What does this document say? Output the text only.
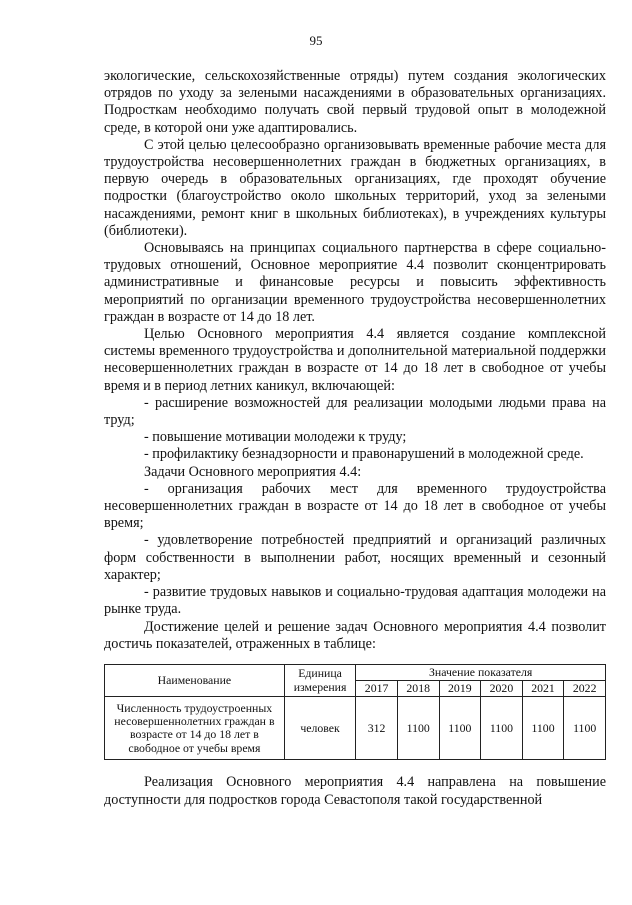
95

экологические, сельскохозяйственные отряды) путем создания экологических отрядов по уходу за зелеными насаждениями в образовательных организациях. Подросткам необходимо получать свой первый трудовой опыт в молодежной среде, в которой они уже адаптировались.

С этой целью целесообразно организовывать временные рабочие места для трудоустройства несовершеннолетних граждан в бюджетных организациях, в первую очередь в образовательных организациях, где проходят обучение подростки (благоустройство около школьных территорий, уход за зелеными насаждениями, ремонт книг в школьных библиотеках), в учреждениях культуры (библиотеки).

Основываясь на принципах социального партнерства в сфере социально-трудовых отношений, Основное мероприятие 4.4 позволит сконцентрировать административные и финансовые ресурсы и повысить эффективность мероприятий по организации временного трудоустройства несовершеннолетних граждан в возрасте от 14 до 18 лет.

Целью Основного мероприятия 4.4 является создание комплексной системы временного трудоустройства и дополнительной материальной поддержки несовершеннолетних граждан в возрасте от 14 до 18 лет в свободное от учебы время и в период летних каникул, включающей:

- расширение возможностей для реализации молодыми людьми права на труд;

- повышение мотивации молодежи к труду;

- профилактику безнадзорности и правонарушений в молодежной среде.

Задачи Основного мероприятия 4.4:

- организация рабочих мест для временного трудоустройства несовершеннолетних граждан в возрасте от 14 до 18 лет в свободное от учебы время;

- удовлетворение потребностей предприятий и организаций различных форм собственности в выполнении работ, носящих временный и сезонный характер;

- развитие трудовых навыков и социально-трудовая адаптация молодежи на рынке труда.

Достижение целей и решение задач Основного мероприятия 4.4 позволит достичь показателей, отраженных в таблице:

Наименование	Единица измерения	Значение показателя					
		2017	2018	2019	2020	2021	2022
Численность трудоустроенных несовершеннолетних граждан в возрасте от 14 до 18 лет в свободное от учебы время	человек	312	1100	1100	1100	1100	1100

Реализация Основного мероприятия 4.4 направлена на повышение доступности для подростков города Севастополя такой государственной
